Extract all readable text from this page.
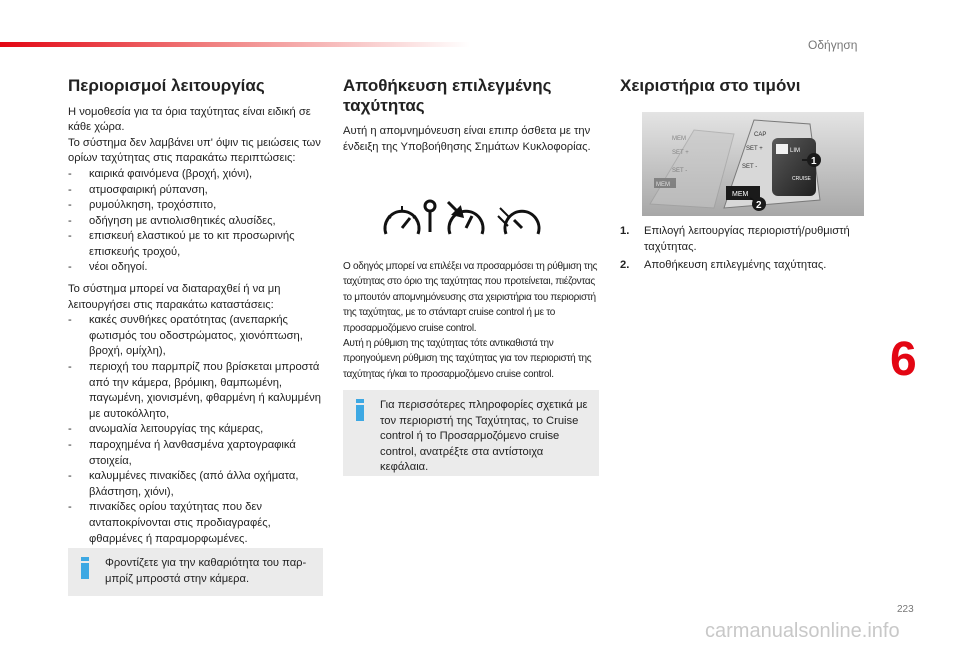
Οδήγηση
Περιορισμοί λειτουργίας

Η νομοθεσία για τα όρια ταχύτητας είναι ειδική σε κάθε χώρα.

Το σύστημα δεν λαμβάνει υπ' όψιν τις μειώσεις των ορίων ταχύτητας στις παρακάτω περιπτώσεις:

- καιρικά φαινόμενα (βροχή, χιόνι),
- ατμοσφαιρική ρύπανση,
- ρυμούλκηση, τροχόσπιτο,
- οδήγηση με αντιολισθητικές αλυσίδες,
- επισκευή ελαστικού με το κιτ προσωρινής επισκευής τροχού,
- νέοι οδηγοί.

Το σύστημα μπορεί να διαταραχθεί ή να μη λειτουργήσει στις παρακάτω καταστάσεις:

- κακές συνθήκες ορατότητας (ανεπαρκής φωτισμός του οδοστρώματος, χιονόπτωση, βροχή, ομίχλη),
- περιοχή του παρμπρίζ που βρίσκεται μπροστά από την κάμερα, βρόμικη, θαμπωμένη, παγωμένη, χιονισμένη, φθαρμένη ή καλυμμένη με αυτοκόλλητο,
- ανωμαλία λειτουργίας της κάμερας,
- παροχημένα ή λανθασμένα χαρτογραφικά στοιχεία,
- καλυμμένες πινακίδες (από άλλα οχήματα, βλάστηση, χιόνι),
- πινακίδες ορίου ταχύτητας που δεν ανταποκρίνονται στις προδιαγραφές, φθαρμένες ή παραμορφωμένες.
Φροντίζετε για την καθαριότητα του παρ-μπρίζ μπροστά στην κάμερα.
Αποθήκευση επιλεγμένης ταχύτητας

Αυτή η απομνημόνευση είναι επιπρ όσθετα με την ένδειξη της Υποβοήθησης Σημάτων Κυκλοφορίας.

Ο οδηγός μπορεί να επιλέξει να προσαρμόσει τη ρύθμιση της ταχύτητας στο όριο της ταχύτητας που προτείνεται, πιέζοντας το μπουτόν απομνημόνευσης στα χειριστήρια του περιοριστή της ταχύτητας, με το στάνταρτ cruise control ή με το προσαρμοζόμενο cruise control.
Αυτή η ρύθμιση της ταχύτητας τότε αντικαθιστά την προηγούμενη ρύθμιση της ταχύτητας για τον περιοριστή της ταχύτητας ή/και το προσαρμοζόμενο cruise control.
Για περισσότερες πληροφορίες σχετικά με τον περιοριστή της Ταχύτητας, το Cruise control ή το Προσαρμοζόμενο cruise control, ανατρέξτε στα αντίστοιχα κεφάλαια.
Χειριστήρια στο τιμόνι
MEM
MEM
SET +
SET -
LIM
CAP
SET +
SET -
CRUISE
MEM
1
2
1. Επιλογή λειτουργίας περιοριστή/ρυθμιστή ταχύτητας.
2. Αποθήκευση επιλεγμένης ταχύτητας.
6
223
carmanualsonline.info
